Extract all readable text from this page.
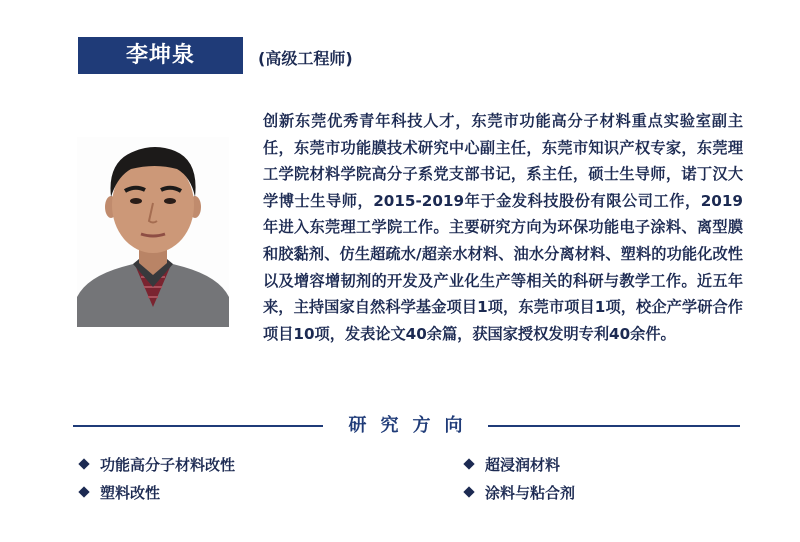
李坤泉	(高级工程师)
创新东莞优秀青年科技人才，东莞市功能高分子材料重点实验室副主任，东莞市功能膜技术研究中心副主任，东莞市知识产权专家，东莞理工学院材料学院高分子系党支部书记，系主任，硕士生导师，诺丁汉大学博士生导师，2015-2019年于金发科技股份有限公司工作，2019年进入东莞理工学院工作。主要研究方向为环保功能电子涂料、离型膜和胶黏剂、仿生超疏水/超亲水材料、油水分离材料、塑料的功能化改性以及增容增韧剂的开发及产业化生产等相关的科研与教学工作。近五年来，主持国家自然科学基金项目1项，东莞市项目1项，校企产学研合作项目10项，发表论文40余篇，获国家授权发明专利40余件。
研究方向
功能高分子材料改性	超浸润材料
塑料改性	涂料与粘合剂
